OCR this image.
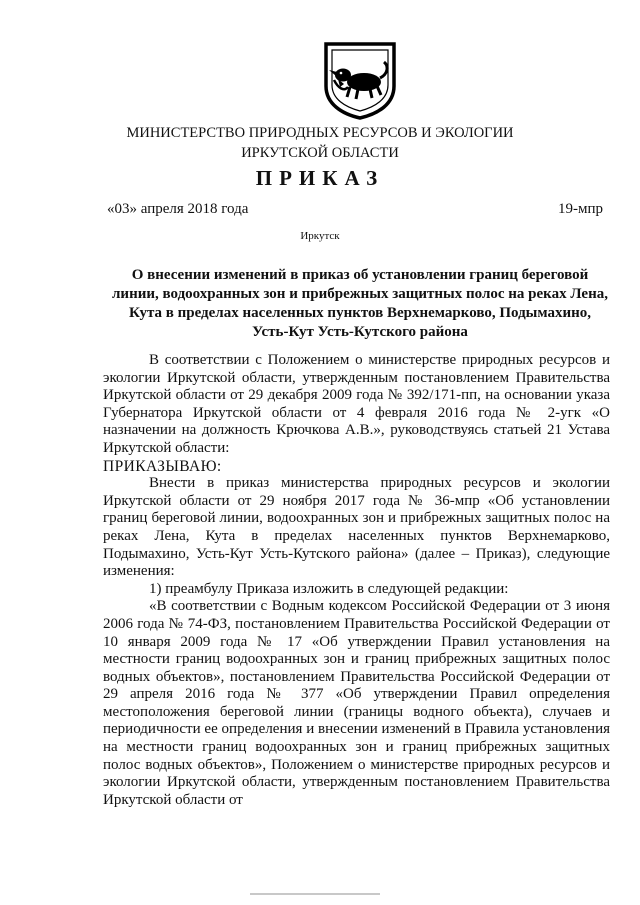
МИНИСТЕРСТВО ПРИРОДНЫХ РЕСУРСОВ И ЭКОЛОГИИ
ИРКУТСКОЙ ОБЛАСТИ
ПРИКАЗ
«03» апреля 2018 года	19-мпр
Иркутск
О внесении изменений в приказ об установлении границ береговой
линии, водоохранных зон и прибрежных защитных полос на реках Лена,
Кута в пределах населенных пунктов Верхнемарково, Подымахино,
Усть-Кут Усть-Кутского района

В соответствии с Положением о министерстве природных ресурсов и экологии Иркутской области, утвержденным постановлением Правительства Иркутской области от 29 декабря 2009 года № 392/171-пп, на основании указа Губернатора Иркутской области от 4 февраля 2016 года № 2-угк «О назначении на должность Крючкова А.В.», руководствуясь статьей 21 Устава Иркутской области:

ПРИКАЗЫВАЮ:

Внести в приказ министерства природных ресурсов и экологии Иркутской области от 29 ноября 2017 года № 36-мпр «Об установлении границ береговой линии, водоохранных зон и прибрежных защитных полос на реках Лена, Кута в пределах населенных пунктов Верхнемарково, Подымахино, Усть-Кут Усть-Кутского района» (далее – Приказ), следующие изменения:

1) преамбулу Приказа изложить в следующей редакции:

«В соответствии с Водным кодексом Российской Федерации от 3 июня 2006 года № 74-ФЗ, постановлением Правительства Российской Федерации от 10 января 2009 года № 17 «Об утверждении Правил установления на местности границ водоохранных зон и границ прибрежных защитных полос водных объектов», постановлением Правительства Российской Федерации от 29 апреля 2016 года № 377 «Об утверждении Правил определения местоположения береговой линии (границы водного объекта), случаев и периодичности ее определения и внесении изменений в Правила установления на местности границ водоохранных зон и границ прибрежных защитных полос водных объектов», Положением о министерстве природных ресурсов и экологии Иркутской области, утвержденным постановлением Правительства Иркутской области от
